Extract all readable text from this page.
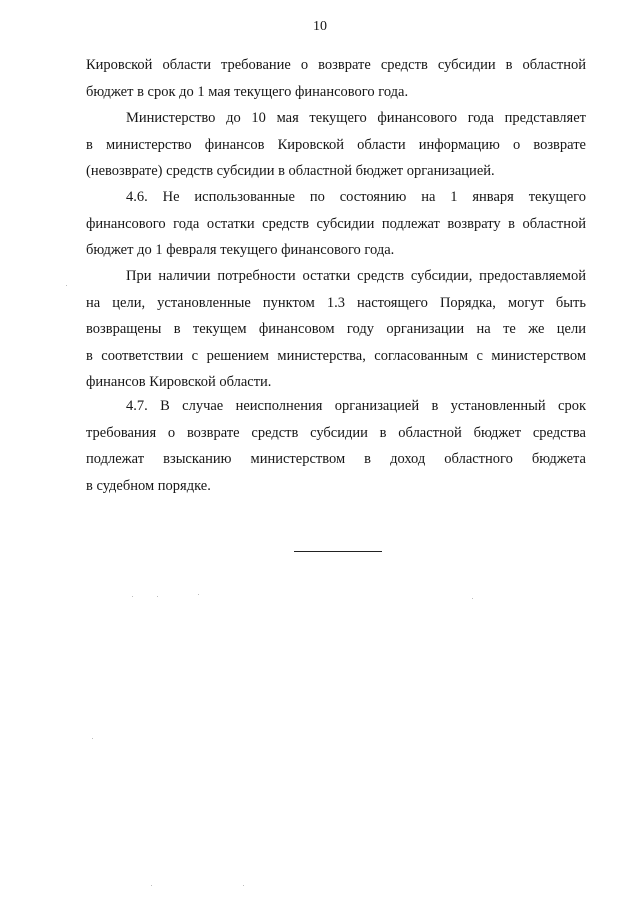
10
Кировской области требование о возврате средств субсидии в областной
бюджет в срок до 1 мая текущего финансового года.
Министерство до 10 мая текущего финансового года представляет
в министерство финансов Кировской области информацию о возврате
(невозврате) средств субсидии в областной бюджет организацией.
4.6. Не использованные по состоянию на 1 января текущего
финансового года остатки средств субсидии подлежат возврату в областной
бюджет до 1 февраля текущего финансового года.
При наличии потребности остатки средств субсидии, предоставляемой
на цели, установленные пунктом 1.3 настоящего Порядка, могут быть
возвращены в текущем финансовом году организации на те же цели
в соответствии с решением министерства, согласованным с министерством
финансов Кировской области.
4.7. В случае неисполнения организацией в установленный срок
требования о возврате средств субсидии в областной бюджет средства
подлежат взысканию министерством в доход областного бюджета
в судебном порядке.
